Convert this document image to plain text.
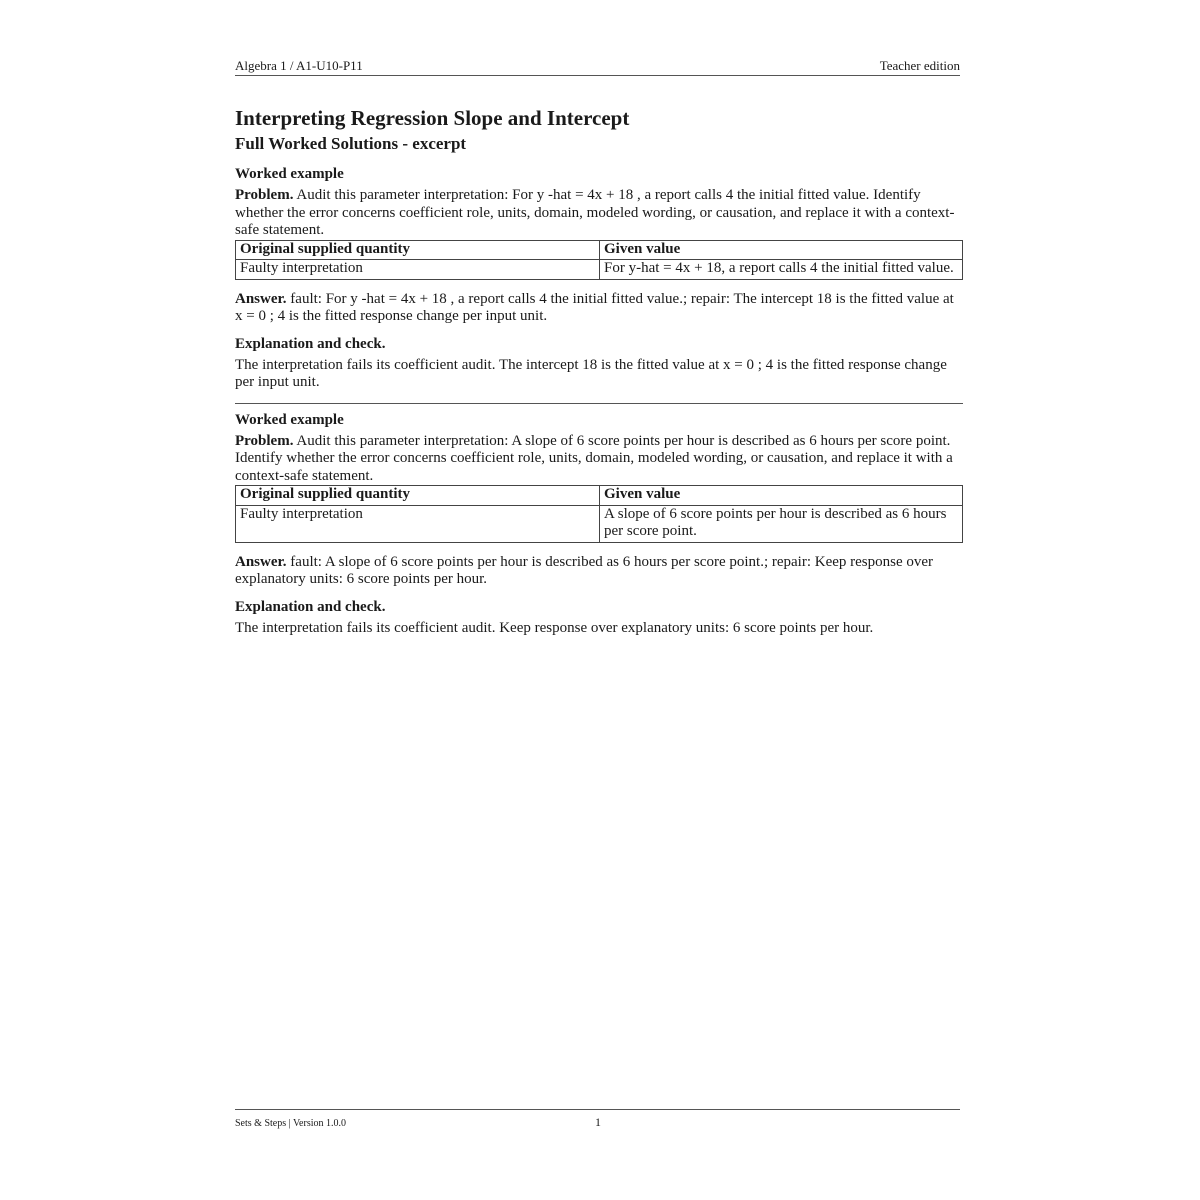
Algebra 1 / A1-U10-P11	Teacher edition
Interpreting Regression Slope and Intercept
Full Worked Solutions - excerpt
Worked example

Problem. Audit this parameter interpretation: For y -hat = 4x + 18 , a report calls 4 the initial fitted value. Identify whether the error concerns coefficient role, units, domain, modeled wording, or causation, and replace it with a context-safe statement.

Original supplied quantity	Given value
Faulty interpretation	For y-hat = 4x + 18, a report calls 4 the initial fitted value.

Answer. fault: For y -hat = 4x + 18 , a report calls 4 the initial fitted value.; repair: The intercept 18 is the fitted value at x = 0 ; 4 is the fitted response change per input unit.

Explanation and check.

The interpretation fails its coefficient audit. The intercept 18 is the fitted value at x = 0 ; 4 is the fitted response change per input unit.

Worked example

Problem. Audit this parameter interpretation: A slope of 6 score points per hour is described as 6 hours per score point. Identify whether the error concerns coefficient role, units, domain, modeled wording, or causation, and replace it with a context-safe statement.

Original supplied quantity	Given value
Faulty interpretation	A slope of 6 score points per hour is described as 6 hours per score point.

Answer. fault: A slope of 6 score points per hour is described as 6 hours per score point.; repair: Keep response over explanatory units: 6 score points per hour.

Explanation and check.

The interpretation fails its coefficient audit. Keep response over explanatory units: 6 score points per hour.

Sets & Steps | Version 1.0.0	1
